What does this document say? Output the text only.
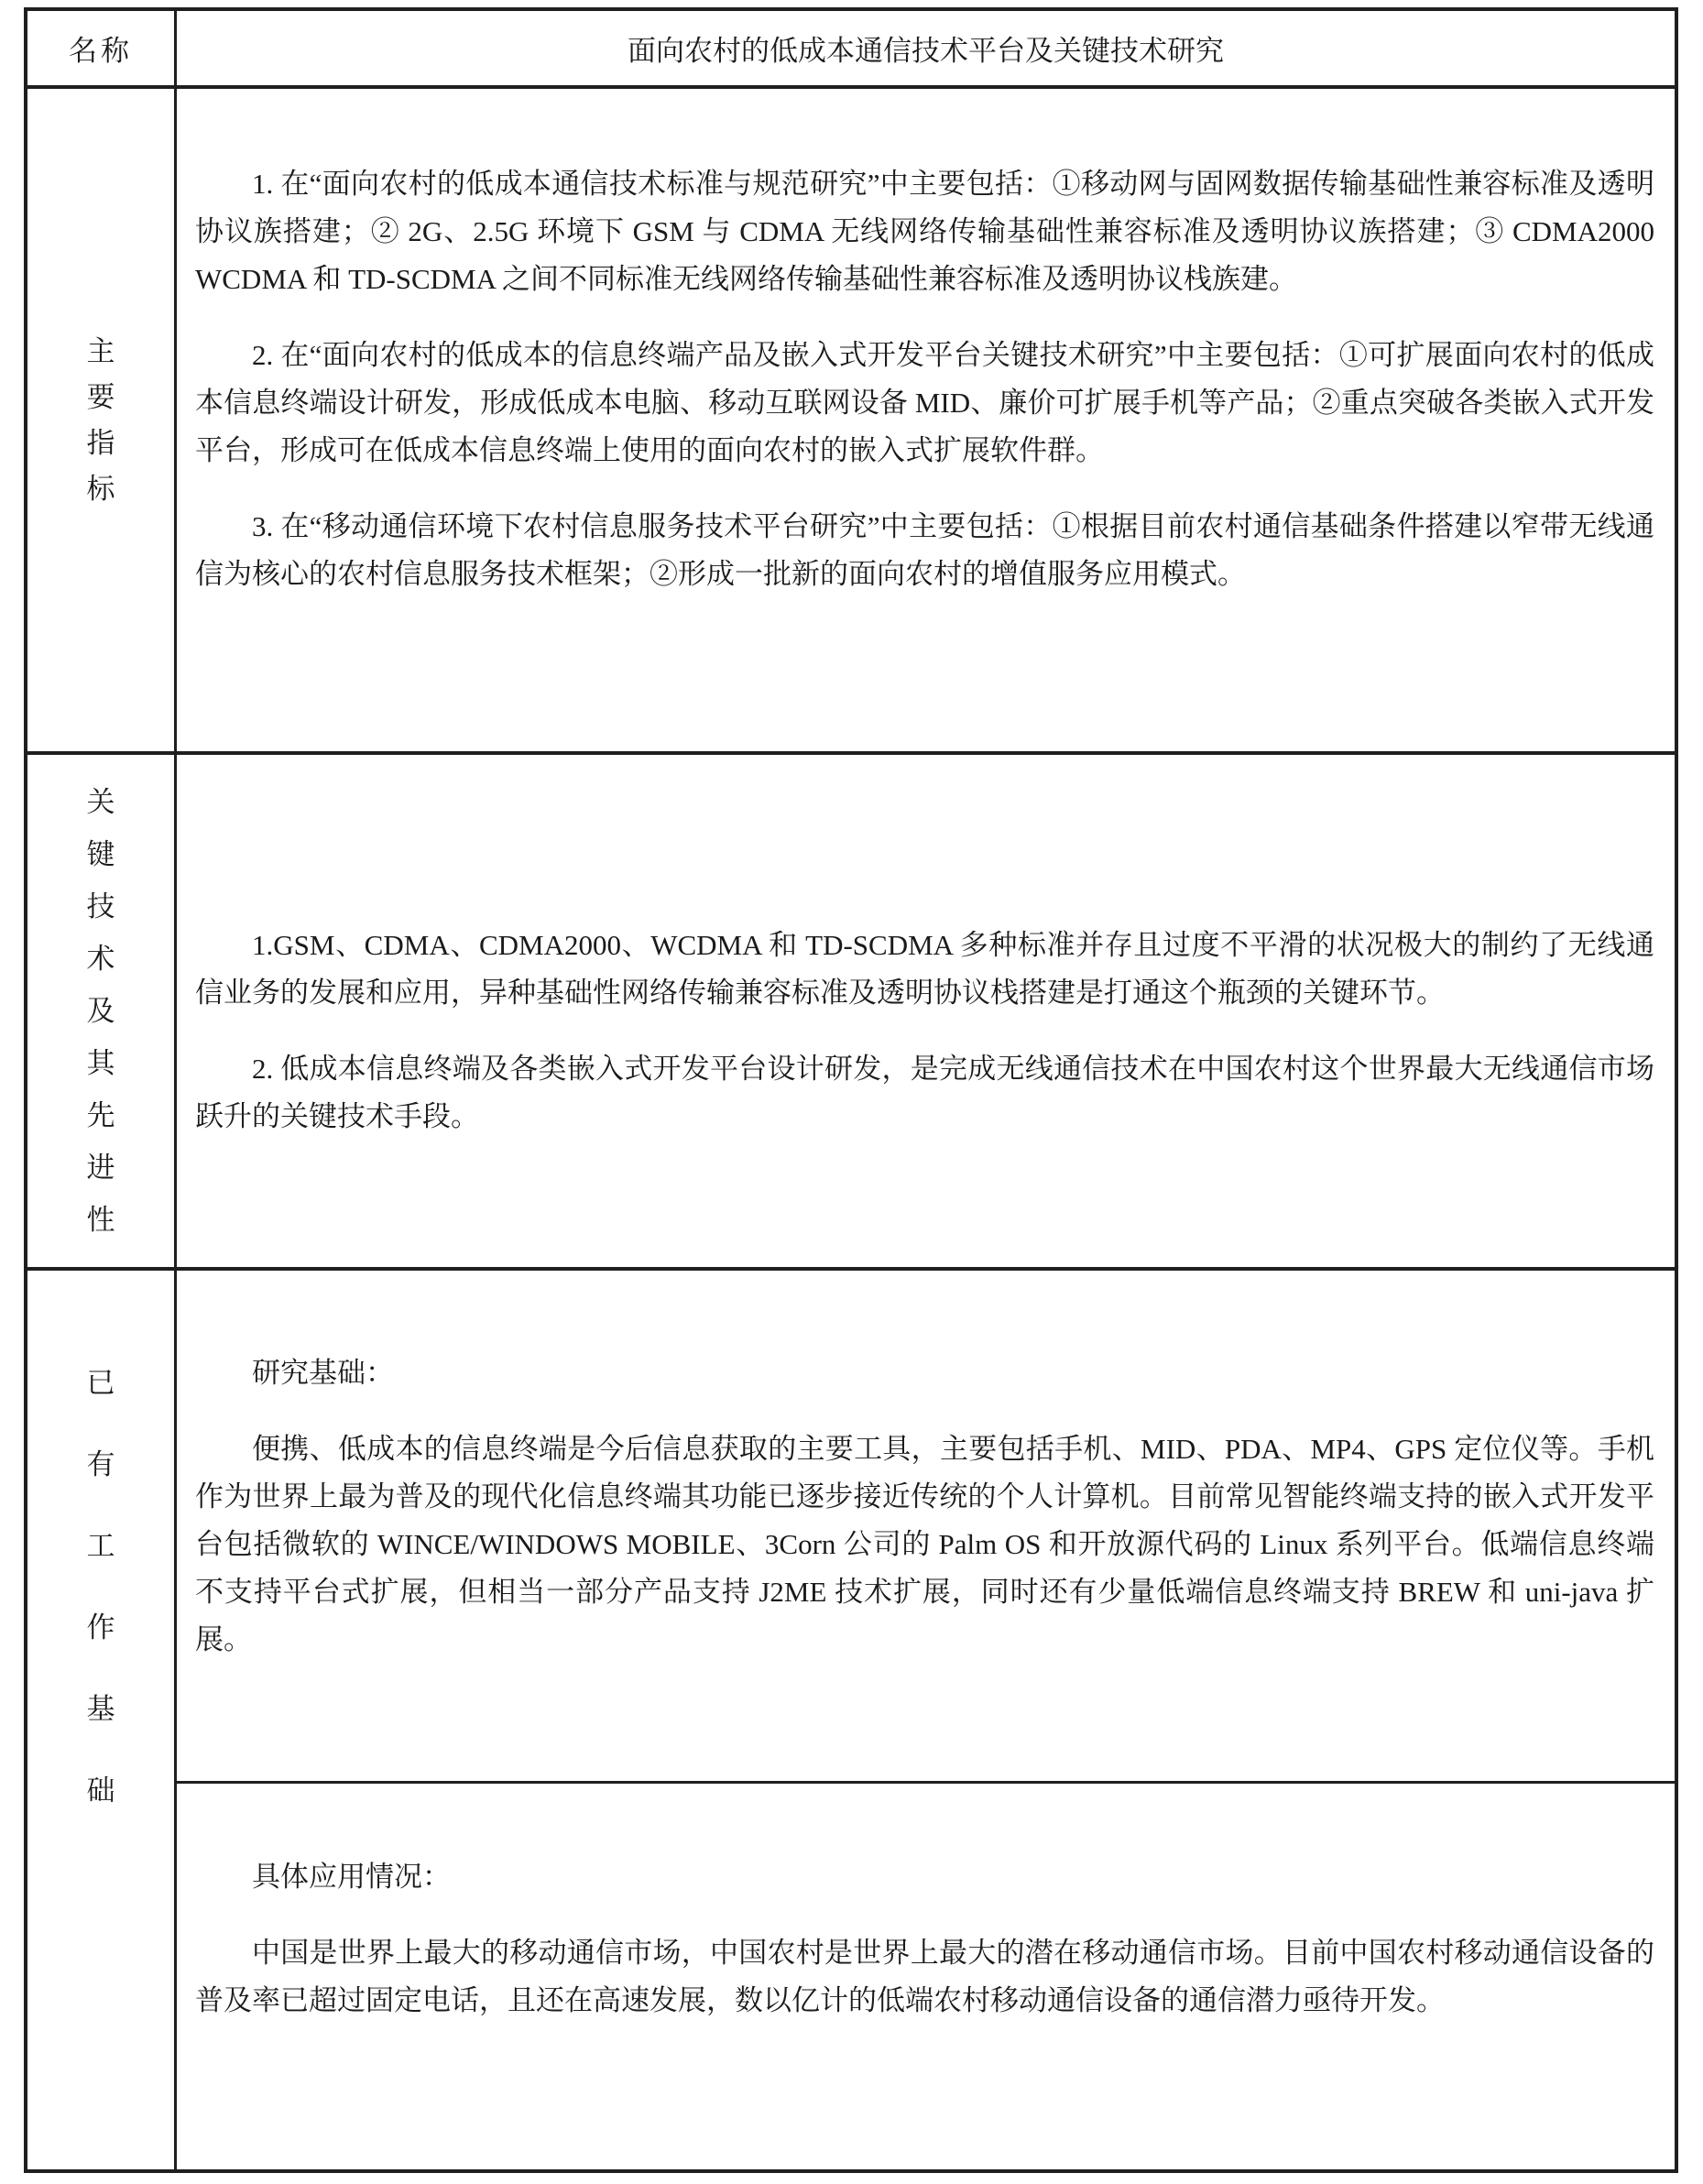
名称	面向农村的低成本通信技术平台及关键技术研究
主要指标

1. 在“面向农村的低成本通信技术标准与规范研究”中主要包括：①移动网与固网数据传输基础性兼容标准及透明协议族搭建；② 2G、2.5G 环境下 GSM 与 CDMA 无线网络传输基础性兼容标准及透明协议族搭建；③ CDMA2000 WCDMA 和 TD-SCDMA 之间不同标准无线网络传输基础性兼容标准及透明协议栈族建。

2. 在“面向农村的低成本的信息终端产品及嵌入式开发平台关键技术研究”中主要包括：①可扩展面向农村的低成本信息终端设计研发，形成低成本电脑、移动互联网设备 MID、廉价可扩展手机等产品；②重点突破各类嵌入式开发平台，形成可在低成本信息终端上使用的面向农村的嵌入式扩展软件群。

3. 在“移动通信环境下农村信息服务技术平台研究”中主要包括：①根据目前农村通信基础条件搭建以窄带无线通信为核心的农村信息服务技术框架；②形成一批新的面向农村的增值服务应用模式。

关键技术及其先进性

1.GSM、CDMA、CDMA2000、WCDMA 和 TD-SCDMA 多种标准并存且过度不平滑的状况极大的制约了无线通信业务的发展和应用，异种基础性网络传输兼容标准及透明协议栈搭建是打通这个瓶颈的关键环节。

2. 低成本信息终端及各类嵌入式开发平台设计研发，是完成无线通信技术在中国农村这个世界最大无线通信市场跃升的关键技术手段。

已有工作基础

研究基础：

便携、低成本的信息终端是今后信息获取的主要工具，主要包括手机、MID、PDA、MP4、GPS 定位仪等。手机作为世界上最为普及的现代化信息终端其功能已逐步接近传统的个人计算机。目前常见智能终端支持的嵌入式开发平台包括微软的 WINCE/WINDOWS MOBILE、3Corn 公司的 Palm OS 和开放源代码的 Linux 系列平台。低端信息终端不支持平台式扩展，但相当一部分产品支持 J2ME 技术扩展，同时还有少量低端信息终端支持 BREW 和 uni-java 扩展。

具体应用情况：

中国是世界上最大的移动通信市场，中国农村是世界上最大的潜在移动通信市场。目前中国农村移动通信设备的普及率已超过固定电话，且还在高速发展，数以亿计的低端农村移动通信设备的通信潜力亟待开发。
